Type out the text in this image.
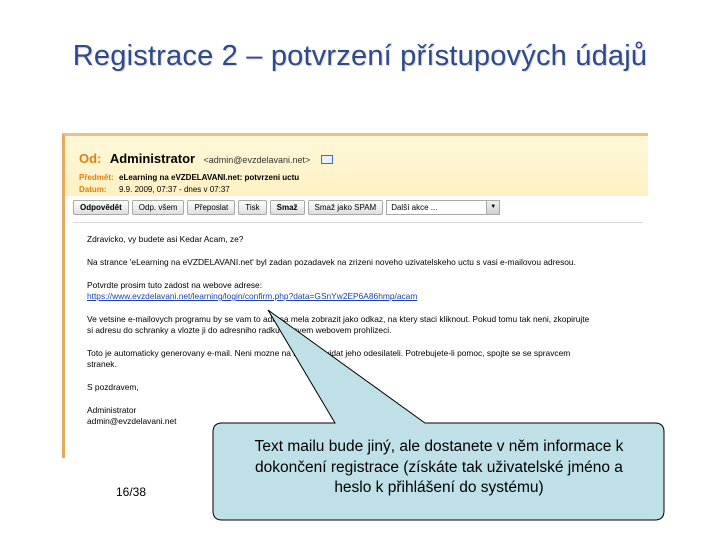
Registrace 2 – potvrzení přístupových údajů
Od: Administrator <admin@evzdelavani.net>
Předmět: eLearning na eVZDELAVANI.net: potvrzeni uctu
Datum: 9.9. 2009, 07:37 - dnes v 07:37
Odpovědět	Odp. všem	Přeposlat	Tisk	Smaž	Smaž jako SPAM	Další akce ...	▼
Zdravicko, vy budete asi Kedar Acam, ze?
Na strance 'eLearning na eVZDELAVANI.net' byl zadan pozadavek na zrizeni noveho uzivatelskeho uctu s vasi e-mailovou adresou.
Potvrdte prosim tuto zadost na webove adrese:
https://www.evzdelavani.net/learning/login/confirm.php?data=GSnYw2EP6A86hmp/acam
Ve vetsine e-mailovych programu by se vam to adresa mela zobrazit jako odkaz, na ktery staci kliknout. Pokud tomu tak neni, zkopirujte
si adresu do schranky a vlozte ji do adresniho radku ve svem webovem prohlizeci.
Toto je automaticky generovany e-mail. Neni mozne na nej odpovidat jeho odesilateli. Potrebujete-li pomoc, spojte se se spravcem
stranek.
S pozdravem,
Administrator
admin@evzdelavani.net
16/38
Text mailu bude jiný, ale dostanete v něm informace k
dokončení registrace (získáte tak uživatelské jméno a
heslo k přihlášení do systému)
